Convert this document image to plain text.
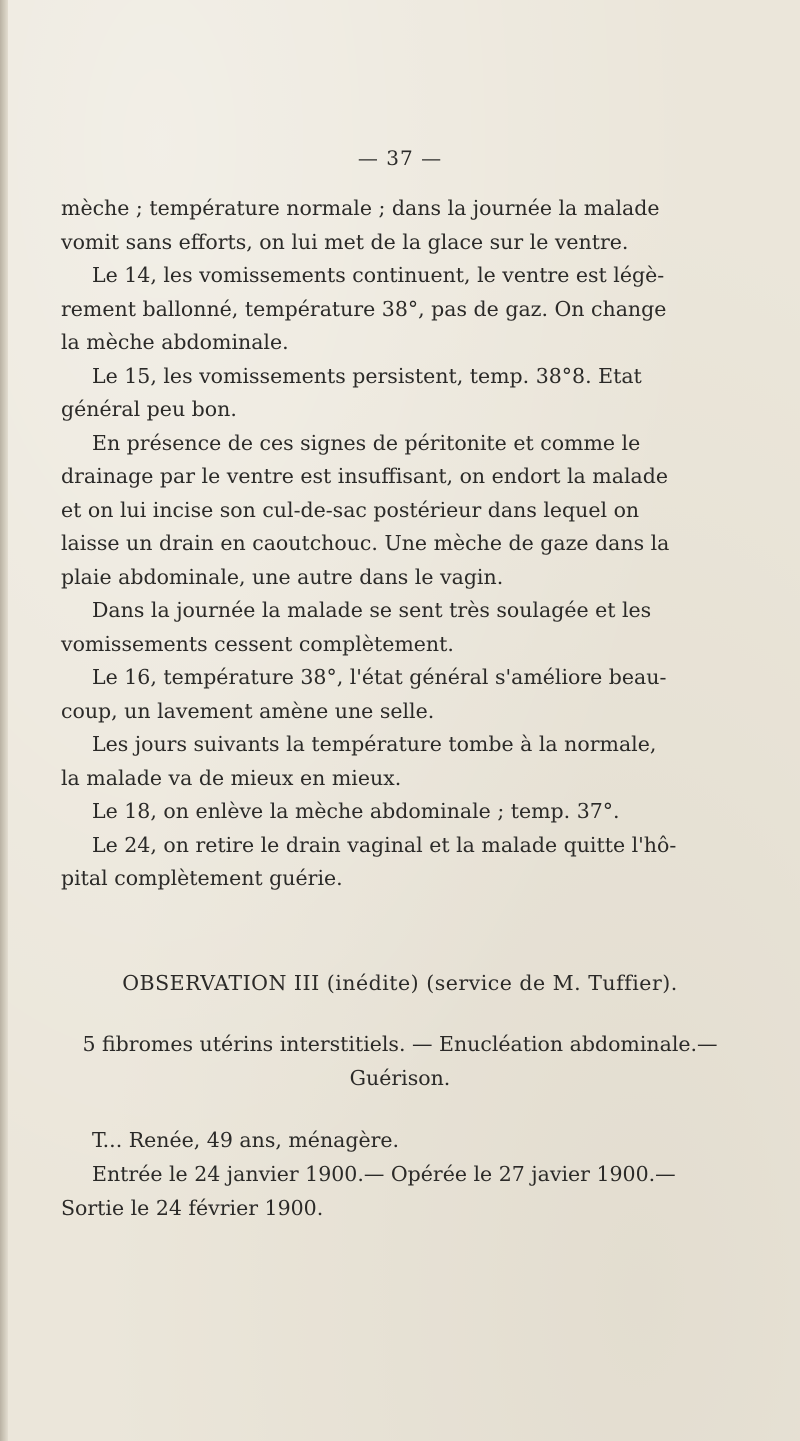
— 37 —
mèche ; température normale ; dans la journée la malade
vomit sans efforts, on lui met de la glace sur le ventre.
Le 14, les vomissements continuent, le ventre est légè-
rement ballonné, température 38°, pas de gaz. On change
la mèche abdominale.
Le 15, les vomissements persistent, temp. 38°8. Etat
général peu bon.
En présence de ces signes de péritonite et comme le
drainage par le ventre est insuffisant, on endort la malade
et on lui incise son cul-de-sac postérieur dans lequel on
laisse un drain en caoutchouc. Une mèche de gaze dans la
plaie abdominale, une autre dans le vagin.
Dans la journée la malade se sent très soulagée et les
vomissements cessent complètement.
Le 16, température 38°, l'état général s'améliore beau-
coup, un lavement amène une selle.
Les jours suivants la température tombe à la normale,
la malade va de mieux en mieux.
Le 18, on enlève la mèche abdominale ; temp. 37°.
Le 24, on retire le drain vaginal et la malade quitte l'hô-
pital complètement guérie.
OBSERVATION III (inédite) (service de M. Tuffier).
5 fibromes utérins interstitiels. — Enucléation abdominale.—
Guérison.
T... Renée, 49 ans, ménagère.
Entrée le 24 janvier 1900.— Opérée le 27 javier 1900.—
Sortie le 24 février 1900.
